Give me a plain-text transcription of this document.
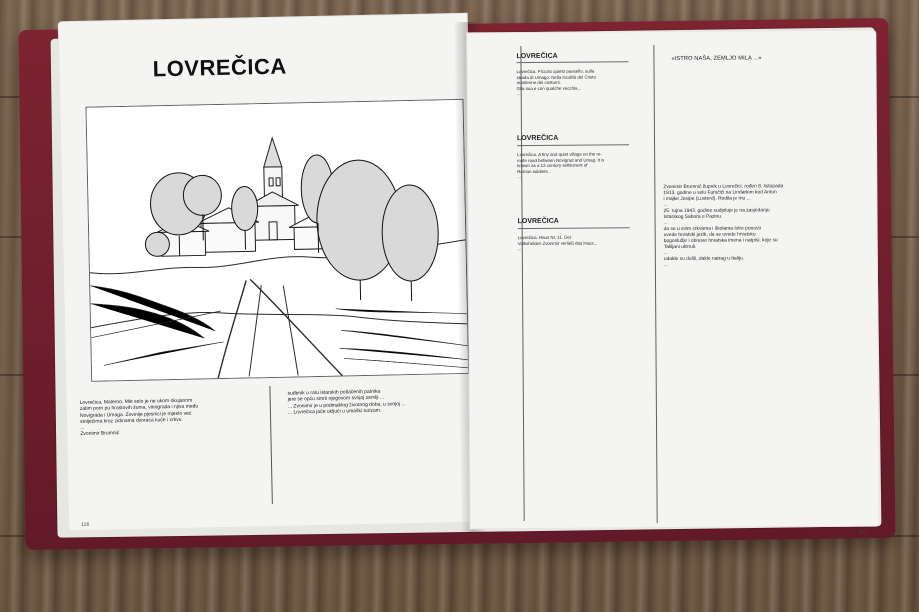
LOVREČICA
Lovrečica, Malerno, Mle selo je ne ukom okujanom
zatim porn pu hrastovih šuma, vinograda i njiva među
Novigrada i Umaga. Zovinije pjesnici je mjesto već
stoljećima kroz zidinama dvoraca kuće i crkvu
...
Zvonimir Brumnić
suđenik u ratu istarskih potlačenih patnika
jere se opću smrti njegovom svojoj zemlji ...
... Zvonimir je u podmaklog životnog doba, u svojoj ...
... Lovrečica jače uključi u umaški turizam.
116
LOVREČICA
Lovrečica. Piccolo quieto paesello, sulla
strada di Umago. Nella località del Cristo
mantenne dei costumi.
Glia sua e con qualche vecchia...
...
LOVREČICA
Lovrečica. A tiny and quiet village on the re-
mote road between Novigrad and Umag. It is
known as a 13 century settlement of
Roman soldiers.
...
LOVREČICA
Lovrečica. Haus Nr. 11. Der
Volkshelden Zvonimir verließ das Haus...
...
«ISTRO NAŠA, ZEMLJO MILA ...»
Zvonimir Brumnić župnik u Lovrečici, rođen 8. listopada
1913. godine u selu Fumčići na Lindarkim kod Antun
i majke Josipe (Lusterd). Rodila je mu ...
...
25. rujna 1943. godine sudjeluje je na zasjedanju
Istarskog Sabora u Pazinu.
...
da se u svim crkvama i školama Istre ponovo
uvede hrvatski jezik, da se uvede hrvatsko
bogoslužje i obnove hrvatska imena i natpisi, koje su
Taliljani ukinuli.
...
odakle su došli, dakle natrag u Italiju.
...
117
